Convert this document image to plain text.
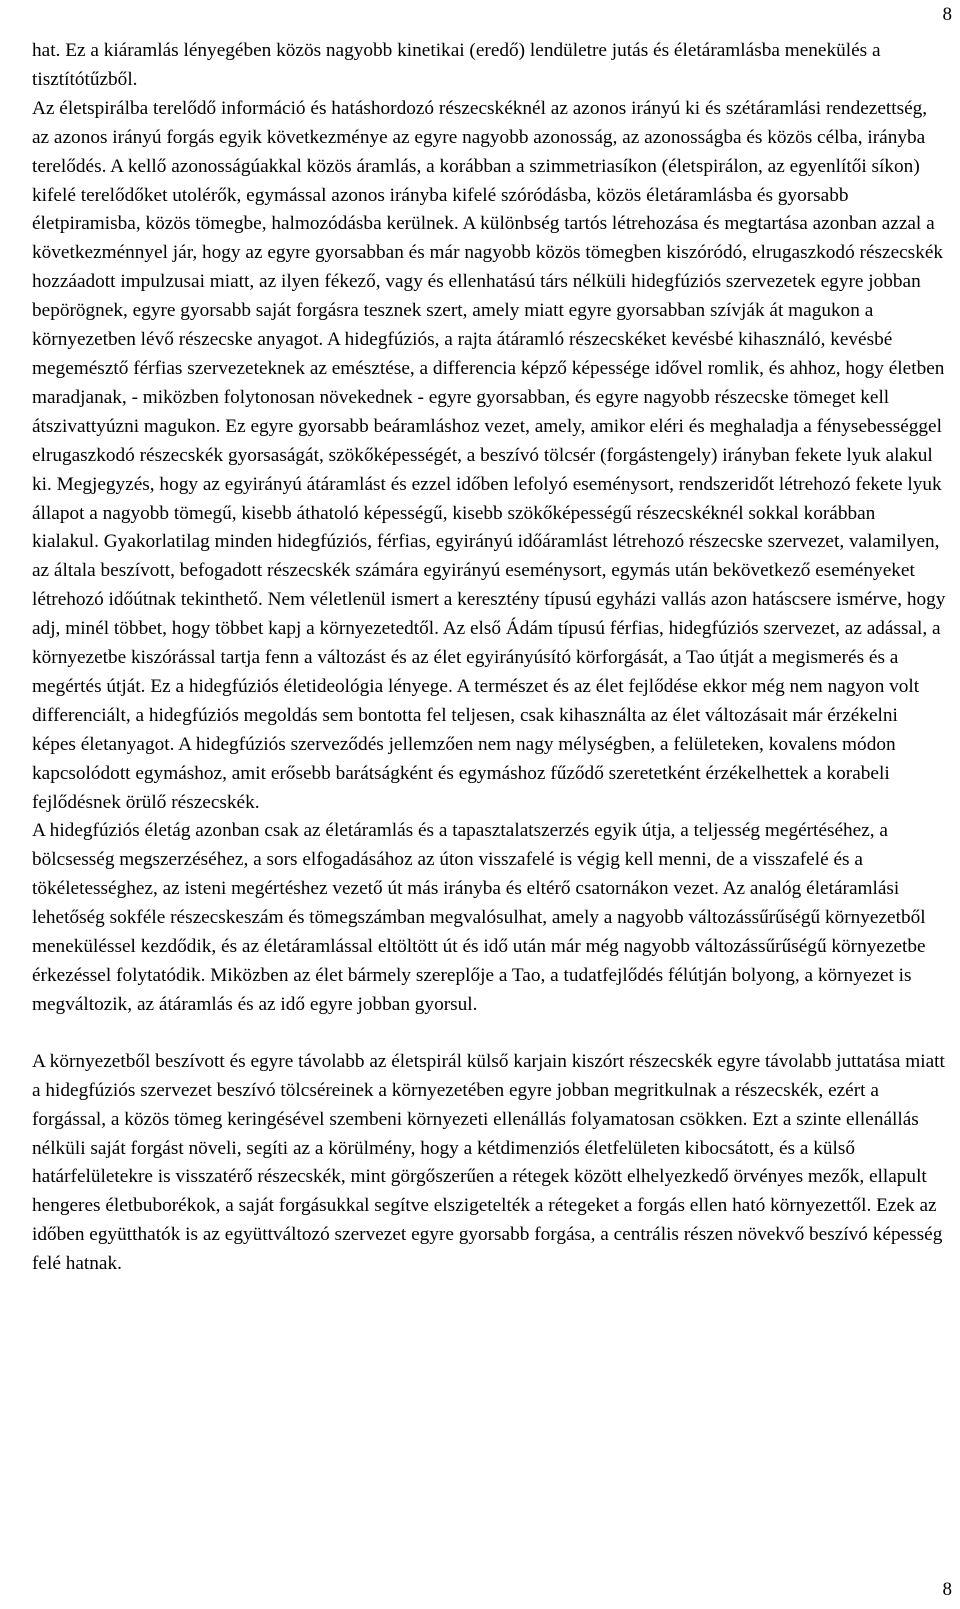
8

hat. Ez a kiáramlás lényegében közös nagyobb kinetikai (eredő) lendületre jutás és életáramlásba menekülés a tisztítótűzből.

Az életspirálba terelődő információ és hatáshordozó részecskéknél az azonos irányú ki és szétáramlási rendezettség, az azonos irányú forgás egyik következménye az egyre nagyobb azonosság, az azonosságba és közös célba, irányba terelődés. A kellő azonosságúakkal közös áramlás, a korábban a szimmetriasíkon (életspirálon, az egyenlítői síkon) kifelé terelődőket utolérők, egymással azonos irányba kifelé szóródásba, közös életáramlásba és gyorsabb életpiramisba, közös tömegbe, halmozódásba kerülnek. A különbség tartós létrehozása és megtartása azonban azzal a következménnyel jár, hogy az egyre gyorsabban és már nagyobb közös tömegben kiszóródó, elrugaszkodó részecskék hozzáadott impulzusai miatt, az ilyen fékező, vagy és ellenhatású társ nélküli hidegfúziós szervezetek egyre jobban bepörögnek, egyre gyorsabb saját forgásra tesznek szert, amely miatt egyre gyorsabban szívják át magukon a környezetben lévő részecske anyagot. A hidegfúziós, a rajta átáramló részecskéket kevésbé kihasználó, kevésbé megemésztő férfias szervezeteknek az emésztése, a differencia képző képessége idővel romlik, és ahhoz, hogy életben maradjanak, - miközben folytonosan növekednek - egyre gyorsabban, és egyre nagyobb részecske tömeget kell átszivattyúzni magukon. Ez egyre gyorsabb beáramláshoz vezet, amely, amikor eléri és meghaladja a fénysebességgel elrugaszkodó részecskék gyorsaságát, szökőképességét, a beszívó tölcsér (forgástengely) irányban fekete lyuk alakul ki. Megjegyzés, hogy az egyirányú átáramlást és ezzel időben lefolyó eseménysort, rendszeridőt létrehozó fekete lyuk állapot a nagyobb tömegű, kisebb áthatoló képességű, kisebb szökőképességű részecskéknél sokkal korábban kialakul. Gyakorlatilag minden hidegfúziós, férfias, egyirányú időáramlást létrehozó részecske szervezet, valamilyen, az általa beszívott, befogadott részecskék számára egyirányú eseménysort, egymás után bekövetkező eseményeket létrehozó időútnak tekinthető. Nem véletlenül ismert a keresztény típusú egyházi vallás azon hatáscsere ismérve, hogy adj, minél többet, hogy többet kapj a környezetedtől. Az első Ádám típusú férfias, hidegfúziós szervezet, az adással, a környezetbe kiszórással tartja fenn a változást és az élet egyirányúsító körforgását, a Tao útját a megismerés és a megértés útját. Ez a hidegfúziós életideológia lényege. A természet és az élet fejlődése ekkor még nem nagyon volt differenciált, a hidegfúziós megoldás sem bontotta fel teljesen, csak kihasználta az élet változásait már érzékelni képes életanyagot. A hidegfúziós szerveződés jellemzően nem nagy mélységben, a felületeken, kovalens módon kapcsolódott egymáshoz, amit erősebb barátságként és egymáshoz fűződő szeretetként érzékelhettek a korabeli fejlődésnek örülő részecskék.

A hidegfúziós életág azonban csak az életáramlás és a tapasztalatszerzés egyik útja, a teljesség megértéséhez, a bölcsesség megszerzéséhez, a sors elfogadásához az úton visszafelé is végig kell menni, de a visszafelé és a tökéletességhez, az isteni megértéshez vezető út más irányba és eltérő csatornákon vezet. Az analóg életáramlási lehetőség sokféle részecskeszám és tömegszámban megvalósulhat, amely a nagyobb változássűrűségű környezetből meneküléssel kezdődik, és az életáramlással eltöltött út és idő után már még nagyobb változássűrűségű környezetbe érkezéssel folytatódik. Miközben az élet bármely szereplője a Tao, a tudatfejlődés félútján bolyong, a környezet is megváltozik, az átáramlás és az idő egyre jobban gyorsul.

A környezetből beszívott és egyre távolabb az életspirál külső karjain kiszórt részecskék egyre távolabb juttatása miatt a hidegfúziós szervezet beszívó tölcséreinek a környezetében egyre jobban megritkulnak a részecskék, ezért a forgással, a közös tömeg keringésével szembeni környezeti ellenállás folyamatosan csökken. Ezt a szinte ellenállás nélküli saját forgást növeli, segíti az a körülmény, hogy a kétdimenziós életfelületen kibocsátott, és a külső határfelületekre is visszatérő részecskék, mint görgőszerűen a rétegek között elhelyezkedő örvényes mezők, ellapult hengeres életbuborékok, a saját forgásukkal segítve elszigetelték a rétegeket a forgás ellen ható környezettől. Ezek az időben együtthatók is az együttváltozó szervezet egyre gyorsabb forgása, a centrális részen növekvő beszívó képesség felé hatnak.

8
